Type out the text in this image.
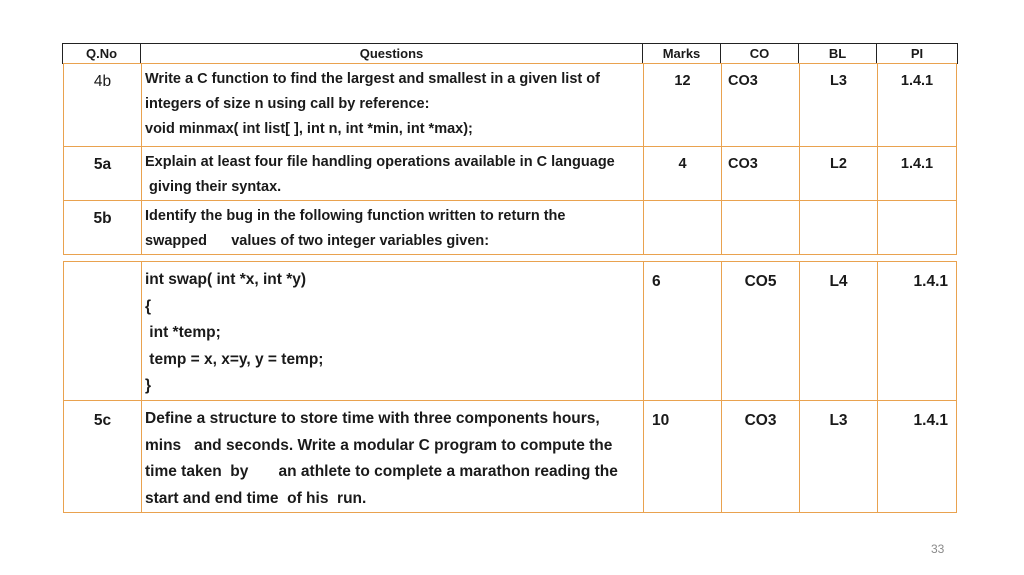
Q.No	Questions	Marks	CO	BL	PI
4b	Write a C function to find the largest and smallest in a given list of
integers of size n using call by reference:
void minmax( int list[ ], int n, int *min, int *max);	12	CO3	L3	1.4.1
5a	Explain at least four file handling operations available in C language
giving their syntax.	4	CO3	L2	1.4.1
5b	Identify the bug in the following function written to return the
swapped      values of two integer variables given:				

	int swap( int *x, int *y)
{
int *temp;
temp = x, x=y, y = temp;
}	6	CO5	L4	1.4.1
5c	Define a structure to store time with three components hours,
mins   and seconds. Write a modular C program to compute the
time taken  by       an athlete to complete a marathon reading the
start and end time  of his  run.	10	CO3	L3	1.4.1
33
